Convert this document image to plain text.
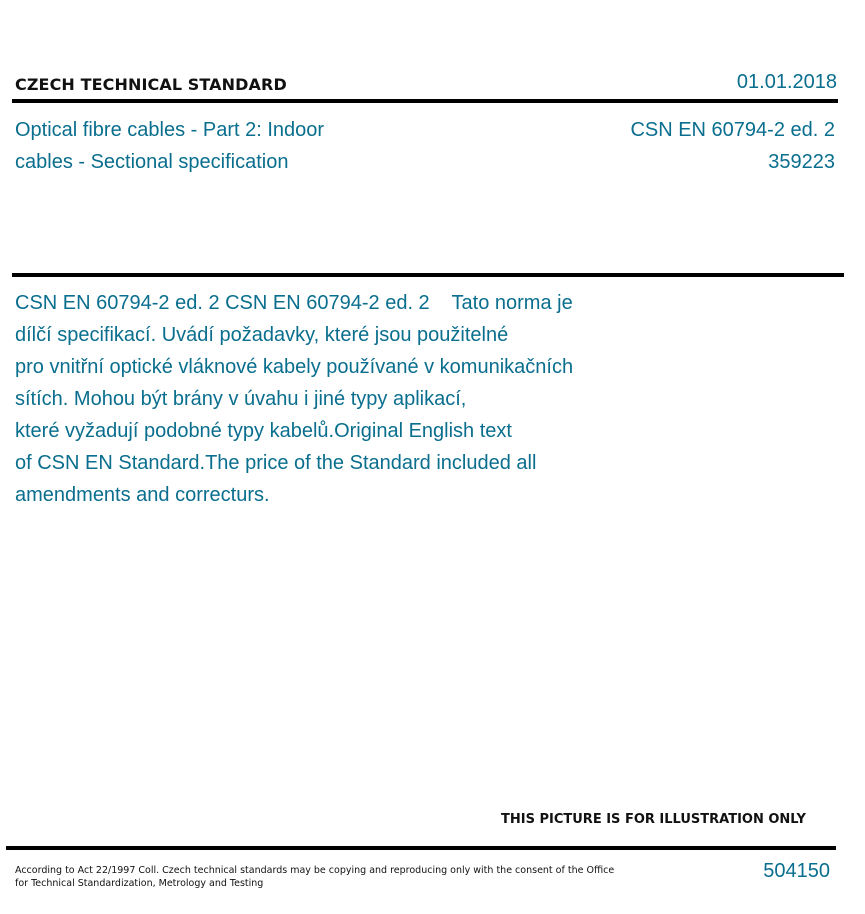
CZECH TECHNICAL STANDARD	01.01.2018
Optical fibre cables - Part 2: Indoor
cables - Sectional specification
CSN EN 60794-2 ed. 2
359223
CSN EN 60794-2 ed. 2 CSN EN 60794-2 ed. 2    Tato norma je
dílčí specifikací. Uvádí požadavky, které jsou použitelné
pro vnitřní optické vláknové kabely používané v komunikačních
sítích. Mohou být brány v úvahu i jiné typy aplikací,
které vyžadují podobné typy kabelů.Original English text
of CSN EN Standard.The price of the Standard included all
amendments and correcturs.
THIS PICTURE IS FOR ILLUSTRATION ONLY
According to Act 22/1997 Coll. Czech technical standards may be copying and reproducing only with the consent of the Office
for Technical Standardization, Metrology and Testing
504150
